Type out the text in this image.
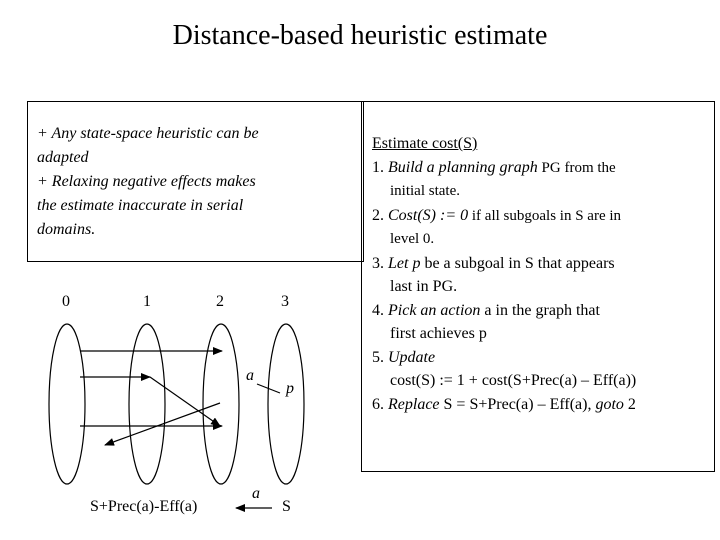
Distance-based heuristic estimate
+ Any state-space heuristic can be
adapted
+ Relaxing negative effects makes
the estimate inaccurate in serial
domains.
0	1	2	3
a
p
S+Prec(a)-Eff(a)
a
S
Estimate cost(S)
1. Build a planning graph PG from the
initial state.
2. Cost(S) := 0 if all subgoals in S are in
level 0.
3. Let p be a subgoal in S that appears
last in PG.
4. Pick an action a in the graph that
first achieves p
5. Update
cost(S) := 1 + cost(S+Prec(a) – Eff(a))
6. Replace S = S+Prec(a) – Eff(a), goto 2
